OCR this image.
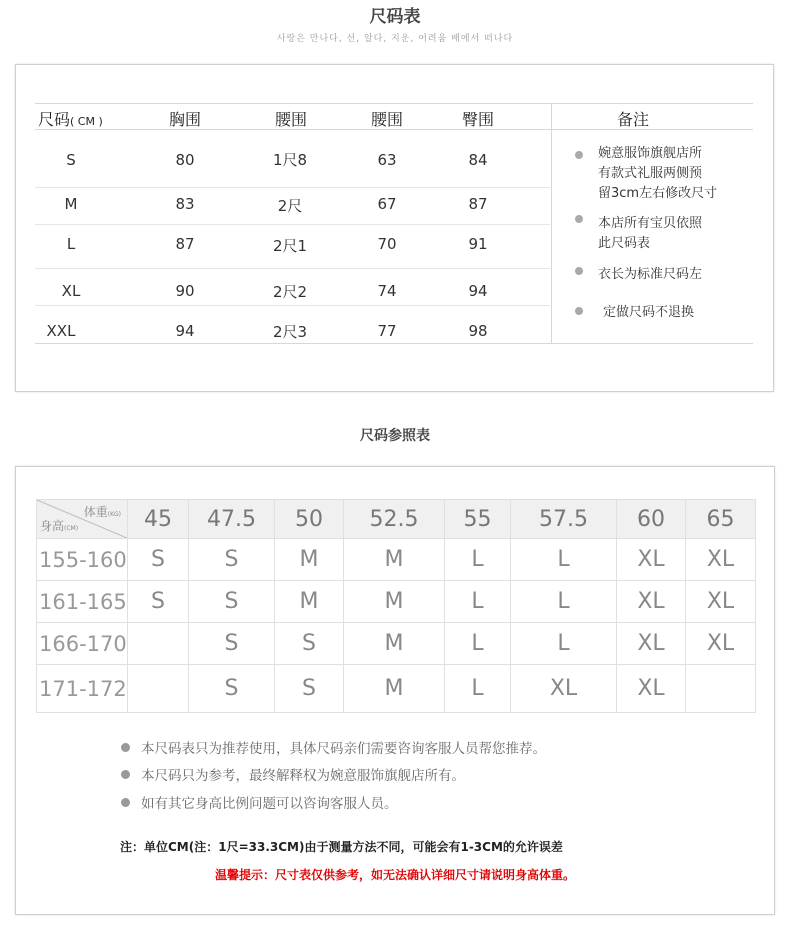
尺码表
사랑은 만나다, 선, 알다, 지운, 어려움 배에서 떠나다
尺码( CM )	胸围	腰围	腰围	臀围	备注
S	80	1尺8	63	84
M	83	2尺	67	87
L	87	2尺1	70	91
XL	90	2尺2	74	94
XXL	94	2尺3	77	98
婉意服饰旗舰店所
有款式礼服两侧预
留3cm左右修改尺寸
本店所有宝贝依照
此尺码表
衣长为标准尺码左
定做尺码不退换
尺码参照表
体重(KG)
身高(CM)	45	47.5	50	52.5	55	57.5	60	65
155-160	S	S	M	M	L	L	XL	XL
161-165	S	S	M	M	L	L	XL	XL
166-170		S	S	M	L	L	XL	XL
171-172		S	S	M	L	XL	XL	
本尺码表只为推荐使用，具体尺码亲们需要咨询客服人员帮您推荐。
本尺码只为参考，最终解释权为婉意服饰旗舰店所有。
如有其它身高比例问题可以咨询客服人员。
注：单位CM(注：1尺=33.3CM)由于测量方法不同，可能会有1-3CM的允许误差
温馨提示：尺寸表仅供参考，如无法确认详细尺寸请说明身高体重。
